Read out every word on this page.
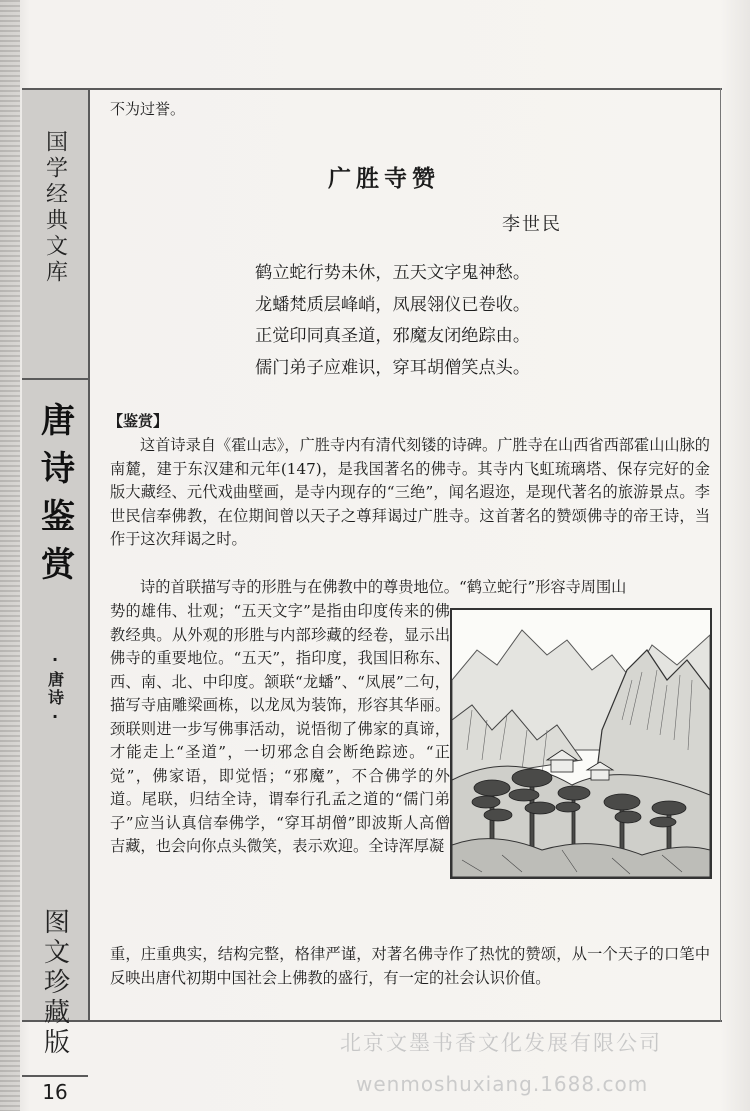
国学经典文库
唐诗鉴赏
·唐诗·
图文珍藏版
16

不为过誉。

广胜寺赞
李世民
鹤立蛇行势未休，五天文字鬼神愁。
龙蟠梵质层峰峭，凤展翎仪已卷收。
正觉印同真圣道，邪魔友闭绝踪由。
儒门弟子应难识，穿耳胡僧笑点头。
【鉴赏】

这首诗录自《霍山志》，广胜寺内有清代刻镂的诗碑。广胜寺在山西省西部霍山山脉的南麓，建于东汉建和元年(147)，是我国著名的佛寺。其寺内飞虹琉璃塔、保存完好的金版大藏经、元代戏曲壁画，是寺内现存的“三绝”，闻名遐迩，是现代著名的旅游景点。李世民信奉佛教，在位期间曾以天子之尊拜谒过广胜寺。这首著名的赞颂佛寺的帝王诗，当作于这次拜谒之时。

诗的首联描写寺的形胜与在佛教中的尊贵地位。“鹤立蛇行”形容寺周围山

势的雄伟、壮观；“五天文字”是指由印度传来的佛教经典。从外观的形胜与内部珍藏的经卷，显示出佛寺的重要地位。“五天”，指印度，我国旧称东、西、南、北、中印度。颔联“龙蟠”、“凤展”二句，描写寺庙雕梁画栋，以龙凤为装饰，形容其华丽。颈联则进一步写佛事活动，说悟彻了佛家的真谛，才能走上“圣道”，一切邪念自会断绝踪迹。“正觉”，佛家语，即觉悟；“邪魔”，不合佛学的外道。尾联，归结全诗，谓奉行孔孟之道的“儒门弟子”应当认真信奉佛学，“穿耳胡僧”即波斯人高僧吉藏，也会向你点头微笑，表示欢迎。全诗浑厚凝

重，庄重典实，结构完整，格律严谨，对著名佛寺作了热忱的赞颂，从一个天子的口笔中反映出唐代初期中国社会上佛教的盛行，有一定的社会认识价值。

北京文墨书香文化发展有限公司
wenmoshuxiang.1688.com
